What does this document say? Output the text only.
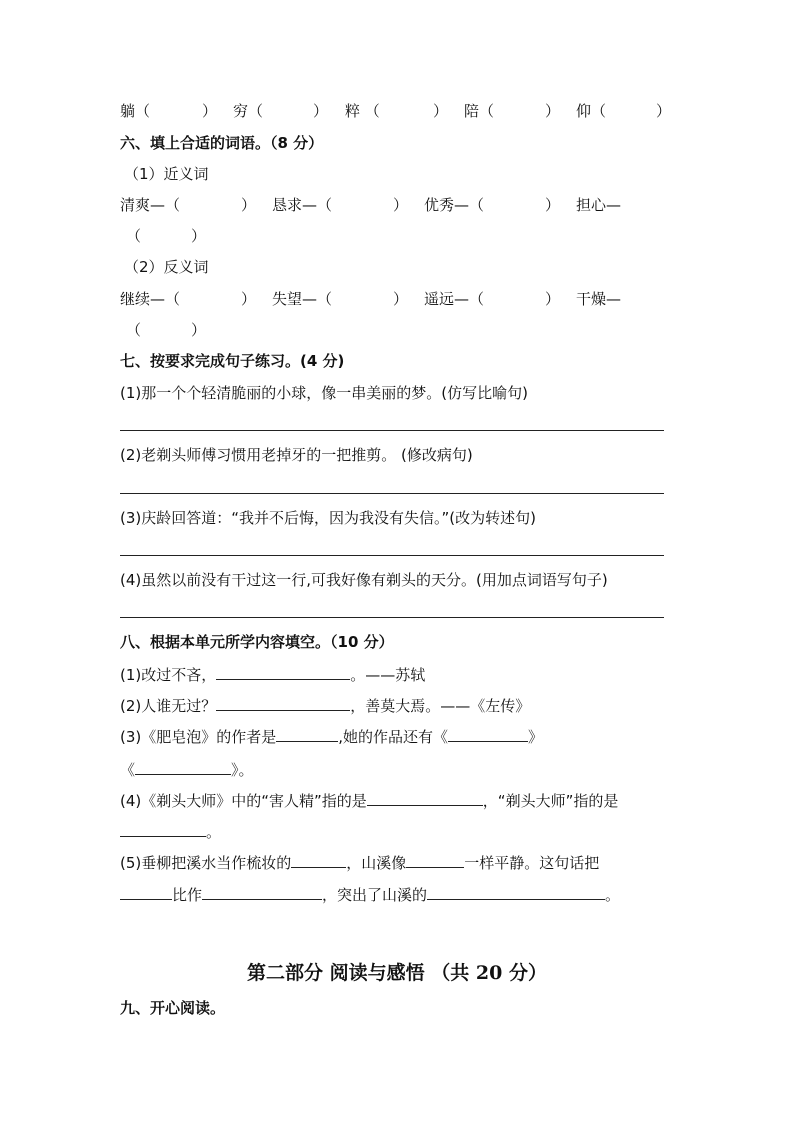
躺（	） 穷（	） 粹 （	） 陪（	） 仰（	）
六、填上合适的词语。（8 分）
（1）近义词
清爽—（	） 恳求—（	） 优秀—（	） 担心—
（	）
（2）反义词
继续—（	） 失望—（	） 遥远—（	） 干燥—
（	）
七、按要求完成句子练习。(4 分)
(1)那一个个轻清脆丽的小球，像一串美丽的梦。(仿写比喻句)
(2)老剃头师傅习惯用老掉牙的一把推剪。 (修改病句)
(3)庆龄回答道：“我并不后悔，因为我没有失信。”(改为转述句)
(4)虽然以前没有干过这一行,可我好像有剃头的天分。(用加点词语写句子)
八、根据本单元所学内容填空。（10 分）
(1)改过不吝，	。——苏轼
(2)人谁无过？	，善莫大焉。——《左传》
(3)《肥皂泡》的作者是	,她的作品还有《	》
《	》。
(4)《剃头大师》中的“害人精”指的是	，“剃头大师”指的是
。
(5)垂柳把溪水当作梳妆的	，山溪像	一样平静。这句话把
比作	，突出了山溪的	。
第二部分 阅读与感悟 （共 20 分）
九、开心阅读。
